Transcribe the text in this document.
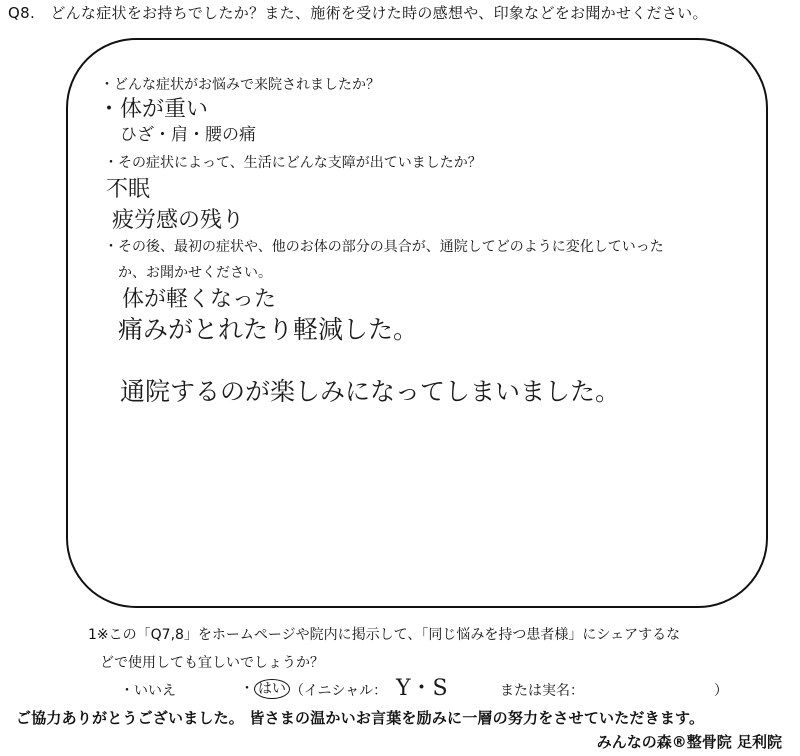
Q8.　どんな症状をお持ちでしたか？また、施術を受けた時の感想や、印象などをお聞かせください。
・どんな症状がお悩みで来院されましたか？
・体が重い
ひざ・肩・腰の痛
・その症状によって、生活にどんな支障が出ていましたか？
不眠
疲労感の残り
・その後、最初の症状や、他のお体の部分の具合が、通院してどのように変化していった
か、お聞かせください。
体が軽くなった
痛みがとれたり軽減した。
通院するのが楽しみになってしまいました。
1※この「Q7,8」をホームページや院内に掲示して、「同じ悩みを持つ患者様」にシェアするな
どで使用しても宜しいでしょうか？
・いいえ	・ はい （イニシャル： Y・S	または実名：	）
ご協力ありがとうございました。 皆さまの温かいお言葉を励みに一層の努力をさせていただきます。
みんなの森®整骨院 足利院
